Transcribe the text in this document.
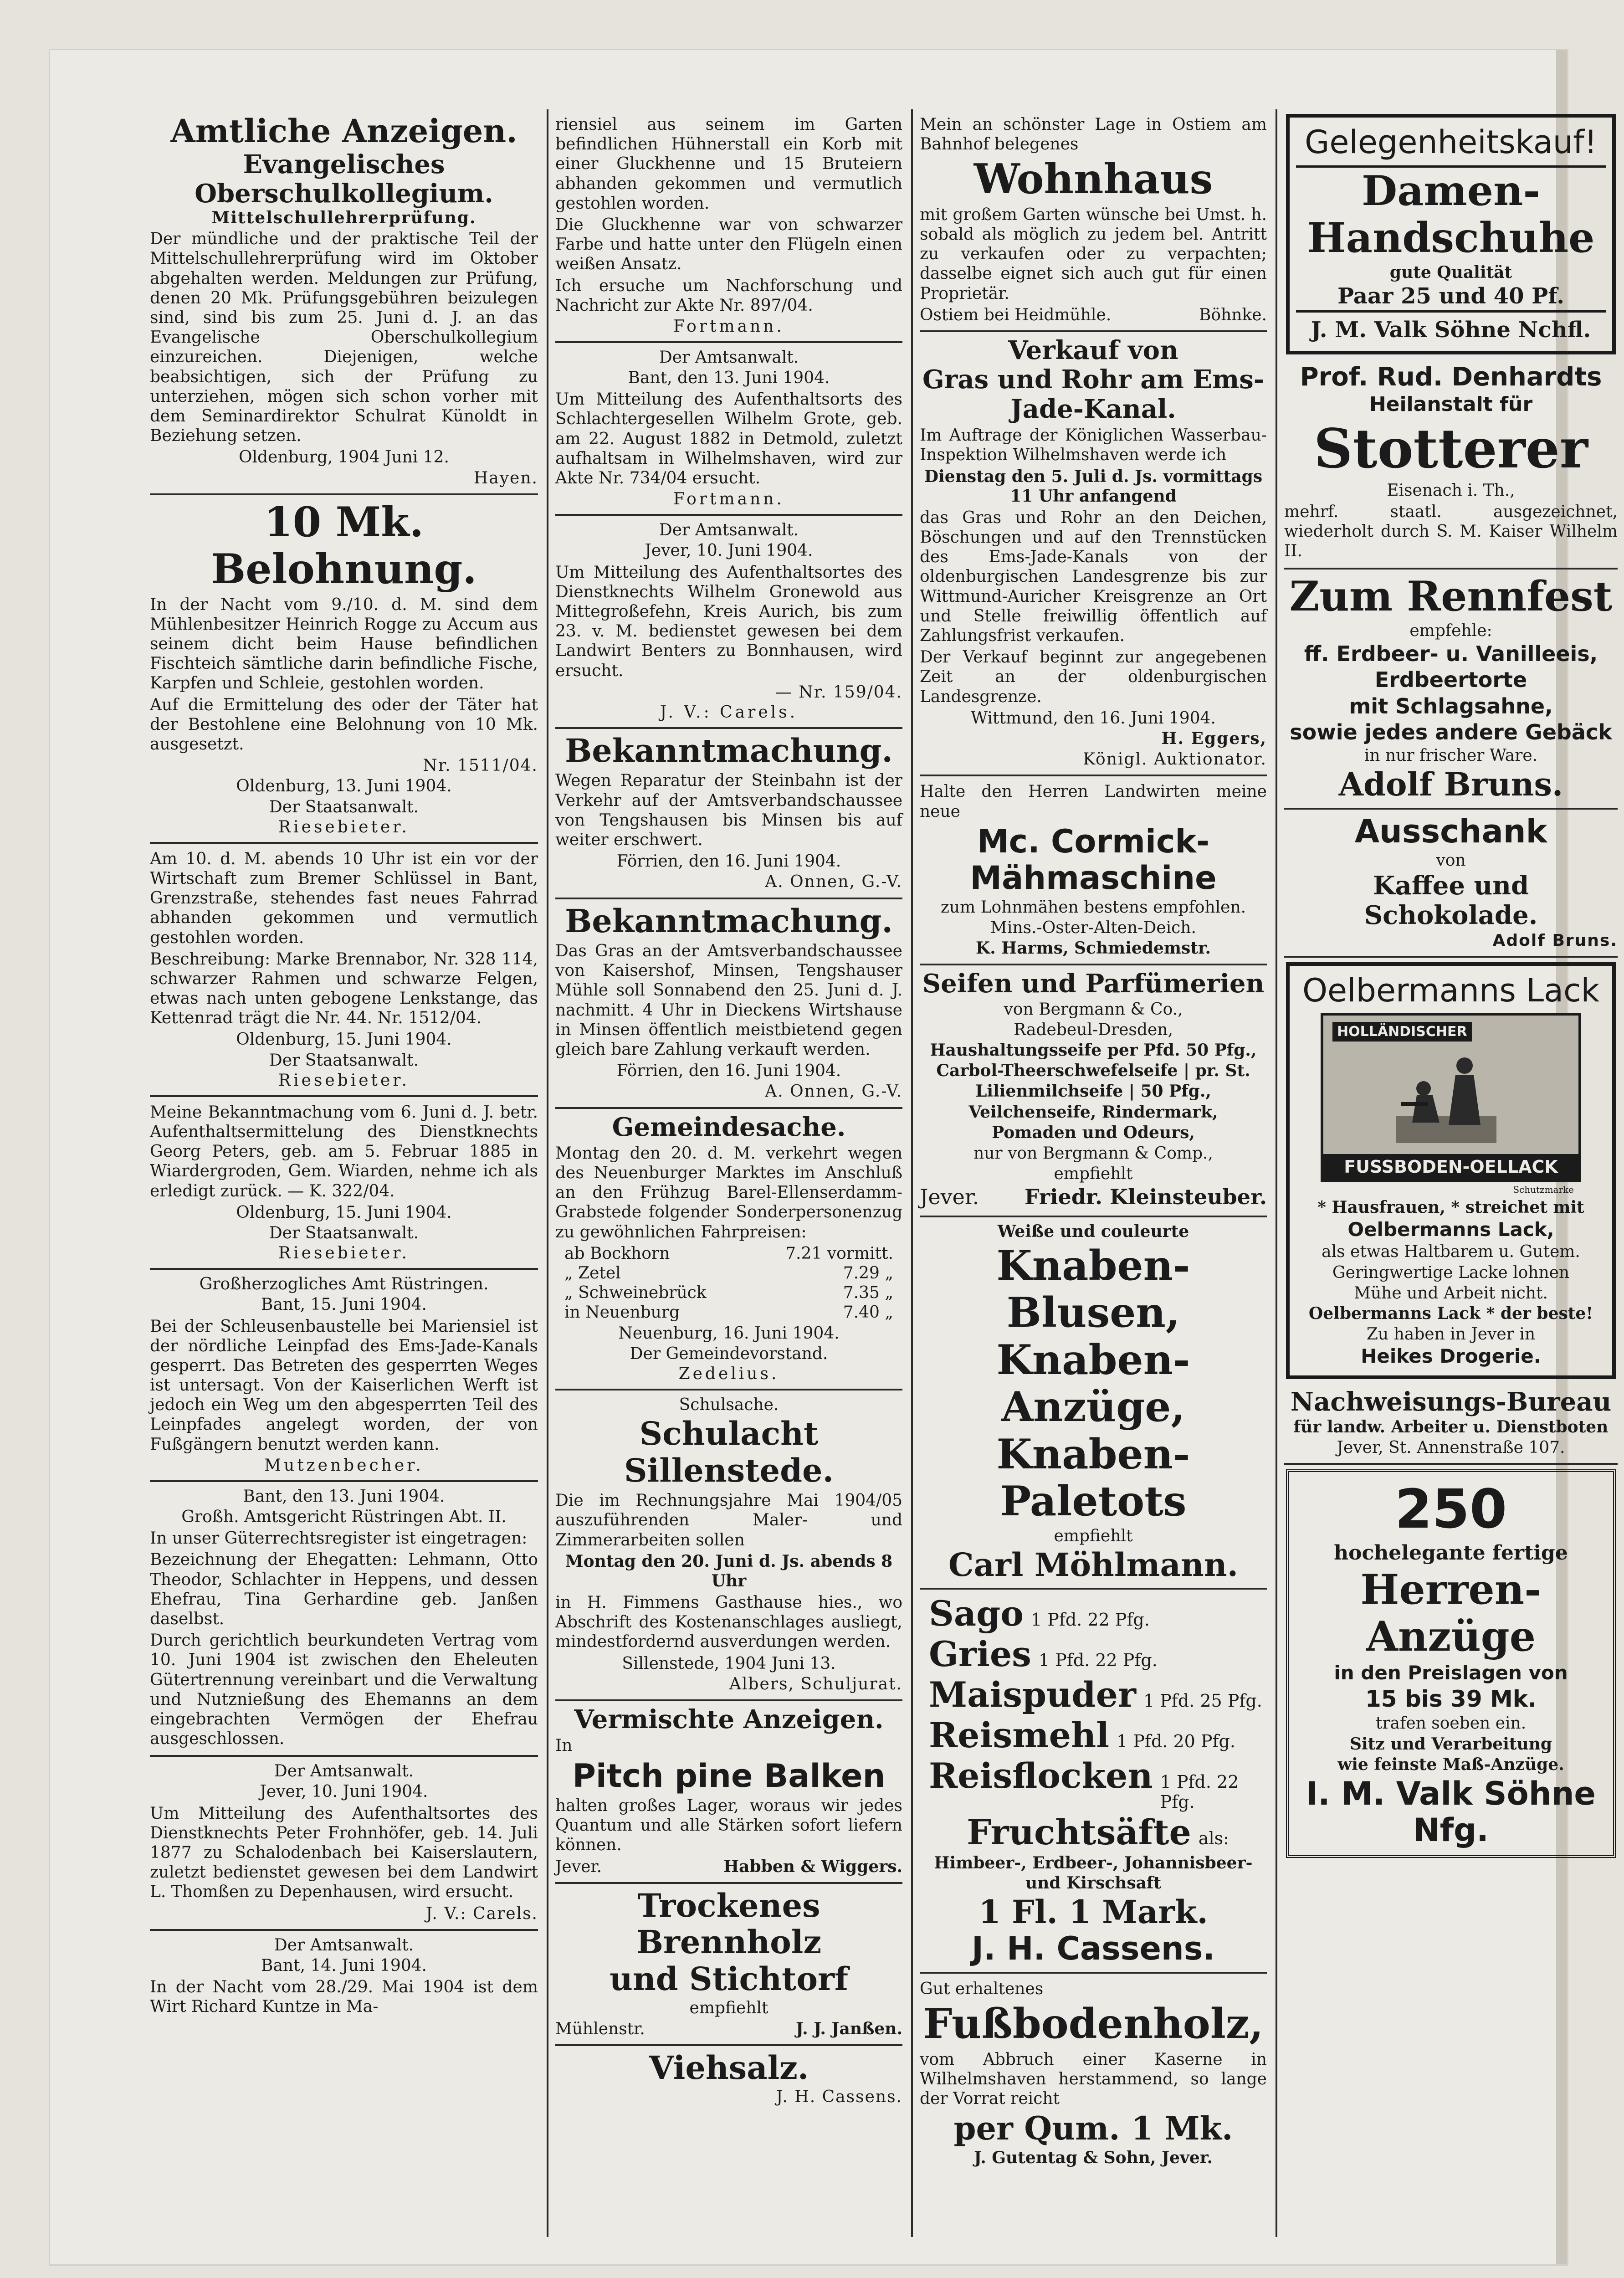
Amtliche Anzeigen.
Evangelisches Oberschulkollegium.
Mittelschullehrerprüfung.
Der mündliche und der praktische Teil der Mittelschullehrerprüfung wird im Oktober abgehalten werden. Meldungen zur Prüfung, denen 20 Mk. Prüfungsgebühren beizulegen sind, sind bis zum 25. Juni d. J. an das Evangelische Oberschulkollegium einzureichen. Diejenigen, welche beabsichtigen, sich der Prüfung zu unterziehen, mögen sich schon vorher mit dem Seminardirektor Schulrat Künoldt in Beziehung setzen.
Oldenburg, 1904 Juni 12.
Hayen.
10 Mk. Belohnung.
In der Nacht vom 9./10. d. M. sind dem Mühlenbesitzer Heinrich Rogge zu Accum aus seinem dicht beim Hause befindlichen Fischteich sämtliche darin befindliche Fische, Karpfen und Schleie, gestohlen worden.
Auf die Ermittelung des oder der Täter hat der Bestohlene eine Belohnung von 10 Mk. ausgesetzt.
Nr. 1511/04.
Oldenburg, 13. Juni 1904.
Der Staatsanwalt.
Riesebieter.
Am 10. d. M. abends 10 Uhr ist ein vor der Wirtschaft zum Bremer Schlüssel in Bant, Grenzstraße, stehendes fast neues Fahrrad abhanden gekommen und vermutlich gestohlen worden.
Beschreibung: Marke Brennabor, Nr. 328 114, schwarzer Rahmen und schwarze Felgen, etwas nach unten gebogene Lenkstange, das Kettenrad trägt die Nr. 44. Nr. 1512/04.
Oldenburg, 15. Juni 1904.
Der Staatsanwalt.
Riesebieter.
Meine Bekanntmachung vom 6. Juni d. J. betr. Aufenthaltsermittelung des Dienstknechts Georg Peters, geb. am 5. Februar 1885 in Wiardergroden, Gem. Wiarden, nehme ich als erledigt zurück. — K. 322/04.
Oldenburg, 15. Juni 1904.
Der Staatsanwalt.
Riesebieter.
Großherzogliches Amt Rüstringen.
Bant, 15. Juni 1904.
Bei der Schleusenbaustelle bei Mariensiel ist der nördliche Leinpfad des Ems-Jade-Kanals gesperrt. Das Betreten des gesperrten Weges ist untersagt. Von der Kaiserlichen Werft ist jedoch ein Weg um den abgesperrten Teil des Leinpfades angelegt worden, der von Fußgängern benutzt werden kann.
Mutzenbecher.
Bant, den 13. Juni 1904.
Großh. Amtsgericht Rüstringen Abt. II.
In unser Güterrechtsregister ist eingetragen:
Bezeichnung der Ehegatten: Lehmann, Otto Theodor, Schlachter in Heppens, und dessen Ehefrau, Tina Gerhardine geb. Janßen daselbst.
Durch gerichtlich beurkundeten Vertrag vom 10. Juni 1904 ist zwischen den Eheleuten Gütertrennung vereinbart und die Verwaltung und Nutznießung des Ehemanns an dem eingebrachten Vermögen der Ehefrau ausgeschlossen.
Der Amtsanwalt.
Jever, 10. Juni 1904.
Um Mitteilung des Aufenthaltsortes des Dienstknechts Peter Frohnhöfer, geb. 14. Juli 1877 zu Schalodenbach bei Kaiserslautern, zuletzt bedienstet gewesen bei dem Landwirt L. Thomßen zu Depenhausen, wird ersucht.
J. V.: Carels.
Der Amtsanwalt.
Bant, 14. Juni 1904.
In der Nacht vom 28./29. Mai 1904 ist dem Wirt Richard Kuntze in Ma-
riensiel aus seinem im Garten befindlichen Hühnerstall ein Korb mit einer Gluckhenne und 15 Bruteiern abhanden gekommen und vermutlich gestohlen worden.
Die Gluckhenne war von schwarzer Farbe und hatte unter den Flügeln einen weißen Ansatz.
Ich ersuche um Nachforschung und Nachricht zur Akte Nr. 897/04.
Fortmann.
Der Amtsanwalt.
Bant, den 13. Juni 1904.
Um Mitteilung des Aufenthaltsorts des Schlachtergesellen Wilhelm Grote, geb. am 22. August 1882 in Detmold, zuletzt aufhaltsam in Wilhelmshaven, wird zur Akte Nr. 734/04 ersucht.
Fortmann.
Der Amtsanwalt.
Jever, 10. Juni 1904.
Um Mitteilung des Aufenthaltsortes des Dienstknechts Wilhelm Gronewold aus Mittegroßefehn, Kreis Aurich, bis zum 23. v. M. bedienstet gewesen bei dem Landwirt Benters zu Bonnhausen, wird ersucht.
— Nr. 159/04.
J. V.: Carels.
Bekanntmachung.
Wegen Reparatur der Steinbahn ist der Verkehr auf der Amtsverbandschaussee von Tengshausen bis Minsen bis auf weiter erschwert.
Förrien, den 16. Juni 1904.
A. Onnen, G.-V.
Bekanntmachung.
Das Gras an der Amtsverbandschaussee von Kaisershof, Minsen, Tengshauser Mühle soll Sonnabend den 25. Juni d. J. nachmitt. 4 Uhr in Dieckens Wirtshause in Minsen öffentlich meistbietend gegen gleich bare Zahlung verkauft werden.
Förrien, den 16. Juni 1904.
A. Onnen, G.-V.
Gemeindesache.
Montag den 20. d. M. verkehrt wegen des Neuenburger Marktes im Anschluß an den Frühzug Barel-Ellenserdamm-Grabstede folgender Sonderpersonenzug zu gewöhnlichen Fahrpreisen:
ab Bockhorn	7.21 vormitt.
„ Zetel	7.29 „
„ Schweinebrück	7.35 „
in Neuenburg	7.40 „
Neuenburg, 16. Juni 1904.
Der Gemeindevorstand.
Zedelius.
Schulsache.
Schulacht Sillenstede.
Die im Rechnungsjahre Mai 1904/05 auszuführenden Maler- und Zimmerarbeiten sollen
Montag den 20. Juni d. Js. abends 8 Uhr
in H. Fimmens Gasthause hies., wo Abschrift des Kostenanschlages ausliegt, mindestfordernd ausverdungen werden.
Sillenstede, 1904 Juni 13.
Albers, Schuljurat.
Vermischte Anzeigen.
In
Pitch pine Balken
halten großes Lager, woraus wir jedes Quantum und alle Stärken sofort liefern können.
Jever.	Habben & Wiggers.
Trockenes Brennholz
und Stichtorf
empfiehlt
Mühlenstr.	J. J. Janßen.
Viehsalz.
J. H. Cassens.
Mein an schönster Lage in Ostiem am Bahnhof belegenes
Wohnhaus
mit großem Garten wünsche bei Umst. h. sobald als möglich zu jedem bel. Antritt zu verkaufen oder zu verpachten; dasselbe eignet sich auch gut für einen Proprietär.
Ostiem bei Heidmühle.	Böhnke.
Verkauf von
Gras und Rohr am Ems-Jade-Kanal.
Im Auftrage der Königlichen Wasserbau-Inspektion Wilhelmshaven werde ich
Dienstag den 5. Juli d. Js. vormittags 11 Uhr anfangend
das Gras und Rohr an den Deichen, Böschungen und auf den Trennstücken des Ems-Jade-Kanals von der oldenburgischen Landesgrenze bis zur Wittmund-Auricher Kreisgrenze an Ort und Stelle freiwillig öffentlich auf Zahlungsfrist verkaufen.
Der Verkauf beginnt zur angegebenen Zeit an der oldenburgischen Landesgrenze.
Wittmund, den 16. Juni 1904.
H. Eggers,
Königl. Auktionator.
Halte den Herren Landwirten meine neue
Mc. Cormick-
Mähmaschine
zum Lohnmähen bestens empfohlen.
Mins.-Oster-Alten-Deich.
K. Harms, Schmiedemstr.
Seifen und Parfümerien
von Bergmann & Co.,
Radebeul-Dresden,
Haushaltungsseife per Pfd. 50 Pfg.,
Carbol-Theerschwefelseife | pr. St.
Lilienmilchseife | 50 Pfg.,
Veilchenseife, Rindermark,
Pomaden und Odeurs,
nur von Bergmann & Comp.,
empfiehlt
Jever. Friedr. Kleinsteuber.
Weiße und couleurte
Knaben-Blusen,
Knaben-Anzüge,
Knaben-Paletots
empfiehlt
Carl Möhlmann.
Sago 1 Pfd. 22 Pfg.
Gries 1 Pfd. 22 Pfg.
Maispuder 1 Pfd. 25 Pfg.
Reismehl 1 Pfd. 20 Pfg.
Reisflocken 1 Pfd. 22 Pfg.
Fruchtsäfte als:
Himbeer-, Erdbeer-, Johannisbeer- und Kirschsaft
1 Fl. 1 Mark.
J. H. Cassens.
Gut erhaltenes
Fußbodenholz,
vom Abbruch einer Kaserne in Wilhelmshaven herstammend, so lange der Vorrat reicht
per Qum. 1 Mk.
J. Gutentag & Sohn, Jever.
Gelegenheitskauf!
Damen-
Handschuhe
gute Qualität
Paar 25 und 40 Pf.
J. M. Valk Söhne Nchfl.
Prof. Rud. Denhardts
Heilanstalt für
Stotterer
Eisenach i. Th.,
mehrf. staatl. ausgezeichnet, wiederholt durch S. M. Kaiser Wilhelm II.
Zum Rennfest
empfehle:
ff. Erdbeer- u. Vanilleeis,
Erdbeertorte
mit Schlagsahne,
sowie jedes andere Gebäck
in nur frischer Ware.
Adolf Bruns.
Ausschank
von
Kaffee und Schokolade.
Adolf Bruns.
Oelbermanns Lack
HOLLÄNDISCHER
FUSSBODEN-OELLACK
Schutzmarke
* Hausfrauen, * streichet mit
Oelbermanns Lack,
als etwas Haltbarem u. Gutem.
Geringwertige Lacke lohnen
Mühe und Arbeit nicht.
Oelbermanns Lack * der beste!
Zu haben in Jever in
Heikes Drogerie.
Nachweisungs-Bureau
für landw. Arbeiter u. Dienstboten
Jever, St. Annenstraße 107.
250
hochelegante fertige
Herren-Anzüge
in den Preislagen von
15 bis 39 Mk.
trafen soeben ein.
Sitz und Verarbeitung
wie feinste Maß-Anzüge.
I. M. Valk Söhne Nfg.
